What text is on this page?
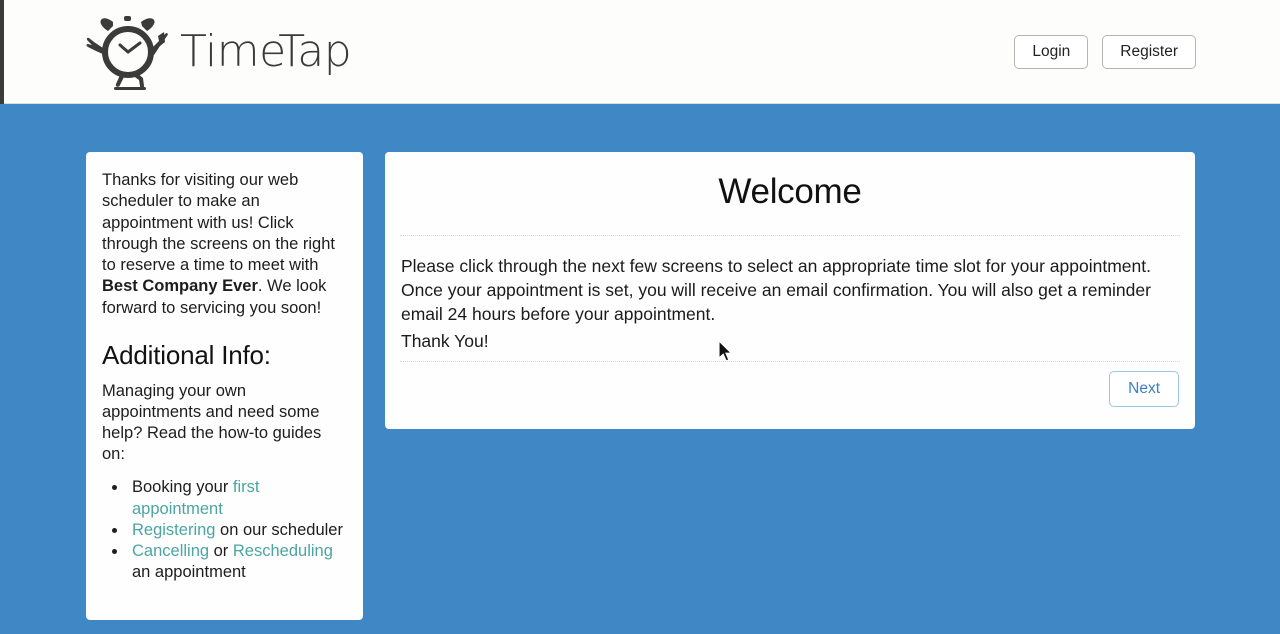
TimeTap	Login	Register

Thanks for visiting our web scheduler to make an appointment with us! Click through the screens on the right to reserve a time to meet with Best Company Ever. We look forward to servicing you soon!

Additional Info:

Managing your own appointments and need some help? Read the how-to guides on:

• Booking your first appointment
• Registering on our scheduler
• Cancelling or Rescheduling an appointment
Welcome

Please click through the next few screens to select an appropriate time slot for your appointment. Once your appointment is set, you will receive an email confirmation. You will also get a reminder email 24 hours before your appointment.

Thank You!

Next
